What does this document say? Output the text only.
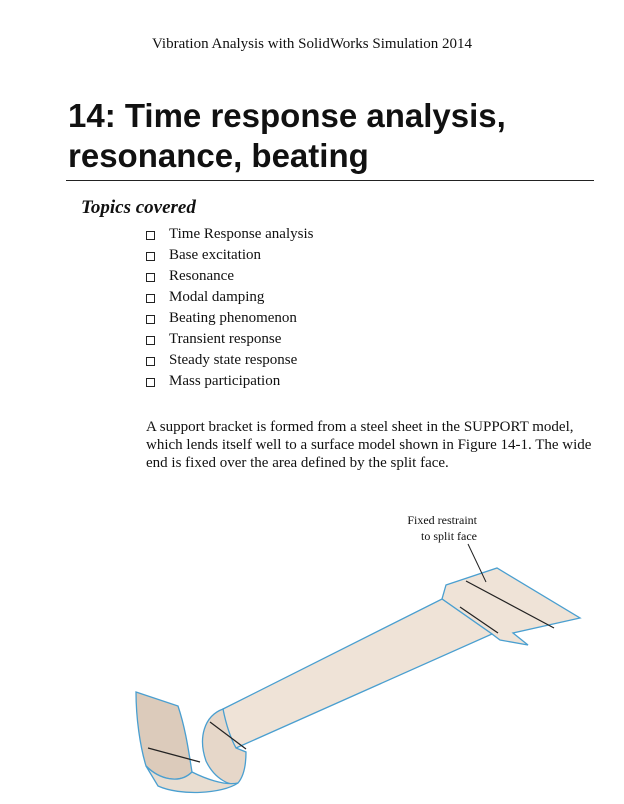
Vibration Analysis with SolidWorks Simulation 2014
14: Time response analysis, resonance, beating
Topics covered
Time Response analysis
Base excitation
Resonance
Modal damping
Beating phenomenon
Transient response
Steady state response
Mass participation

A support bracket is formed from a steel sheet in the SUPPORT model, which lends itself well to a surface model shown in Figure 14-1. The wide end is fixed over the area defined by the split face.

Fixed restraint
to split face
